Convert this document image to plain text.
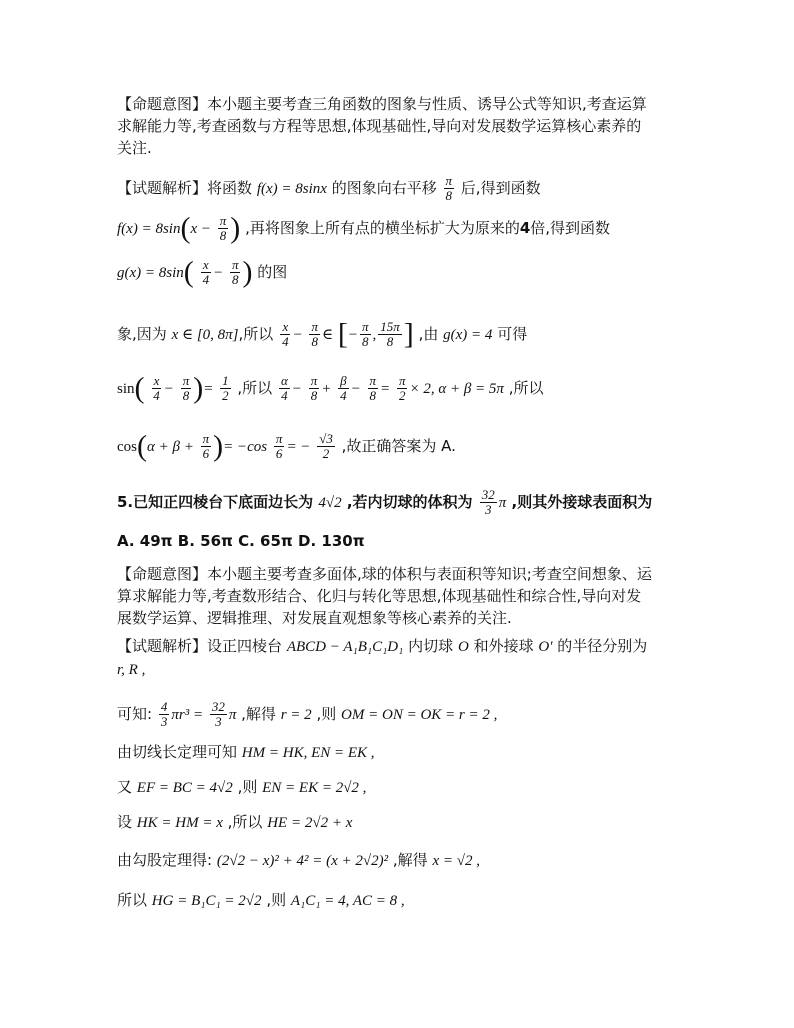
【命题意图】本小题主要考查三角函数的图象与性质、诱导公式等知识,考查运算
求解能力等,考查函数与方程等思想,体现基础性,导向对发展数学运算核心素养的
关注.
【试题解析】将函数 f(x) = 8sinx 的图象向右平移 $\frac{\pi}{8}$ 后,得到函数
$f(x) = 8\sin(x - \frac{\pi}{8}$ ) ,再将图象上所有点的横坐标扩大为原来的4倍,得到函数
$g(x) = 8\sin( \frac{x}{4} - \frac{\pi}{8}$ ) 的图
象,因为 x ∈ [0, 8π],所以 $\frac{x}{4} - \frac{\pi}{8}$ ∈ [− $\frac{\pi}{8}$ , $\frac{15\pi}{8}$ ] ,由 g(x) = 4 可得
$\sin( \frac{x}{4} - \frac{\pi}{8}$ )= $\frac{1}{2}$ ,所以 $\frac{\alpha}{4} - \frac{\pi}{8} + \frac{\beta}{4} - \frac{\pi}{8} = \frac{\pi}{2} \times 2$, α + β = 5π ,所以
$\cos(\alpha + \beta + \frac{\pi}{6}$ )= $-\cos \frac{\pi}{6}$ = − $\frac{√3}{2}$ ,故正确答案为 A.
5.已知正四棱台下底面边长为 4√2 ,若内切球的体积为 $\frac{32}{3}$ π ,则其外接球表面积为
A. 49π B. 56π C. 65π D. 130π
【命题意图】本小题主要考查多面体,球的体积与表面积等知识;考查空间想象、运
算求解能力等,考查数形结合、化归与转化等思想,体现基础性和综合性,导向对发
展数学运算、逻辑推理、对发展直观想象等核心素养的关注.
【试题解析】设正四棱台 ABCD − A₁B₁C₁D₁ 内切球 O 和外接球 O′ 的半径分别为
r, R ,
可知: $\frac{4}{3} \pi r^3 = \frac{32}{3}$ π ,解得 r = 2 ,则 OM = ON = OK = r = 2 ,
由切线长定理可知 HM = HK, EN = EK ,
又 EF = BC = 4√2 ,则 EN = EK = 2√2 ,
设 HK = HM = x ,所以 HE = 2√2 + x
由勾股定理得: (2√2 − x)² + 4² = (x + 2√2)² ,解得 x = √2 ,
所以 HG = B₁C₁ = 2√2 ,则 A₁C₁ = 4, AC = 8 ,
